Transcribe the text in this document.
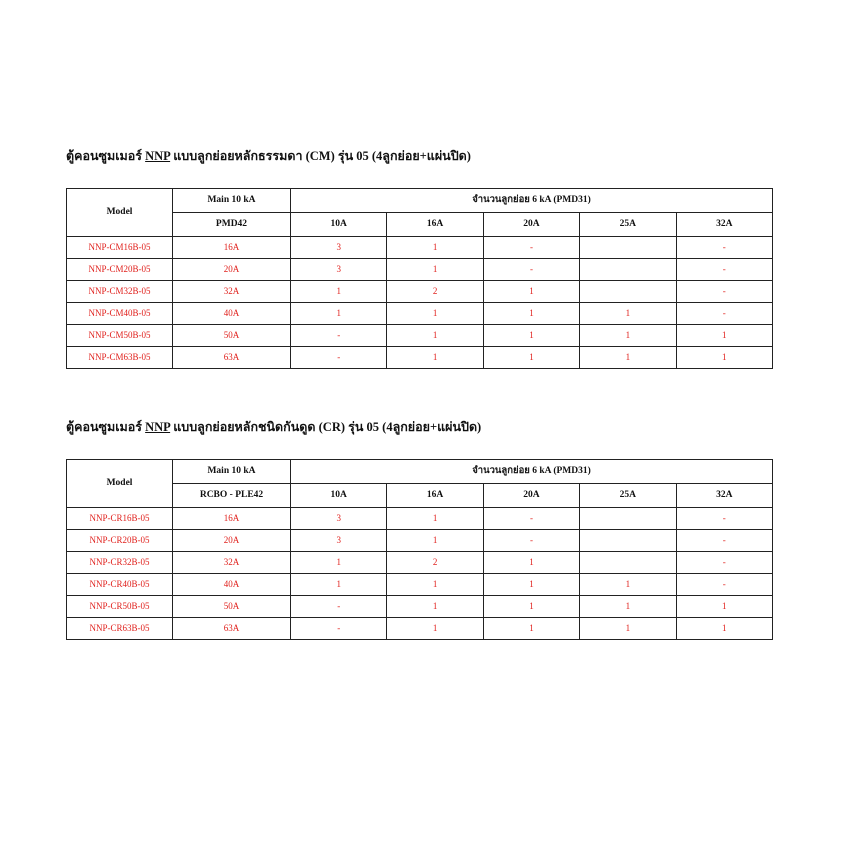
ตู้คอนซูมเมอร์ NNP แบบลูกย่อยหลักธรรมดา (CM) รุ่น 05 (4ลูกย่อย+แผ่นปิด)

Model	Main 10 kA	จำนวนลูกย่อย 6 kA (PMD31)				
	PMD42	10A	16A	20A	25A	32A
NNP-CM16B-05	16A	3	1	-		-
NNP-CM20B-05	20A	3	1	-		-
NNP-CM32B-05	32A	1	2	1		-
NNP-CM40B-05	40A	1	1	1	1	-
NNP-CM50B-05	50A	-	1	1	1	1
NNP-CM63B-05	63A	-	1	1	1	1

ตู้คอนซูมเมอร์ NNP แบบลูกย่อยหลักชนิดกันดูด (CR) รุ่น 05 (4ลูกย่อย+แผ่นปิด)

Model	Main 10 kA	จำนวนลูกย่อย 6 kA (PMD31)				
	RCBO - PLE42	10A	16A	20A	25A	32A
NNP-CR16B-05	16A	3	1	-		-
NNP-CR20B-05	20A	3	1	-		-
NNP-CR32B-05	32A	1	2	1		-
NNP-CR40B-05	40A	1	1	1	1	-
NNP-CR50B-05	50A	-	1	1	1	1
NNP-CR63B-05	63A	-	1	1	1	1
